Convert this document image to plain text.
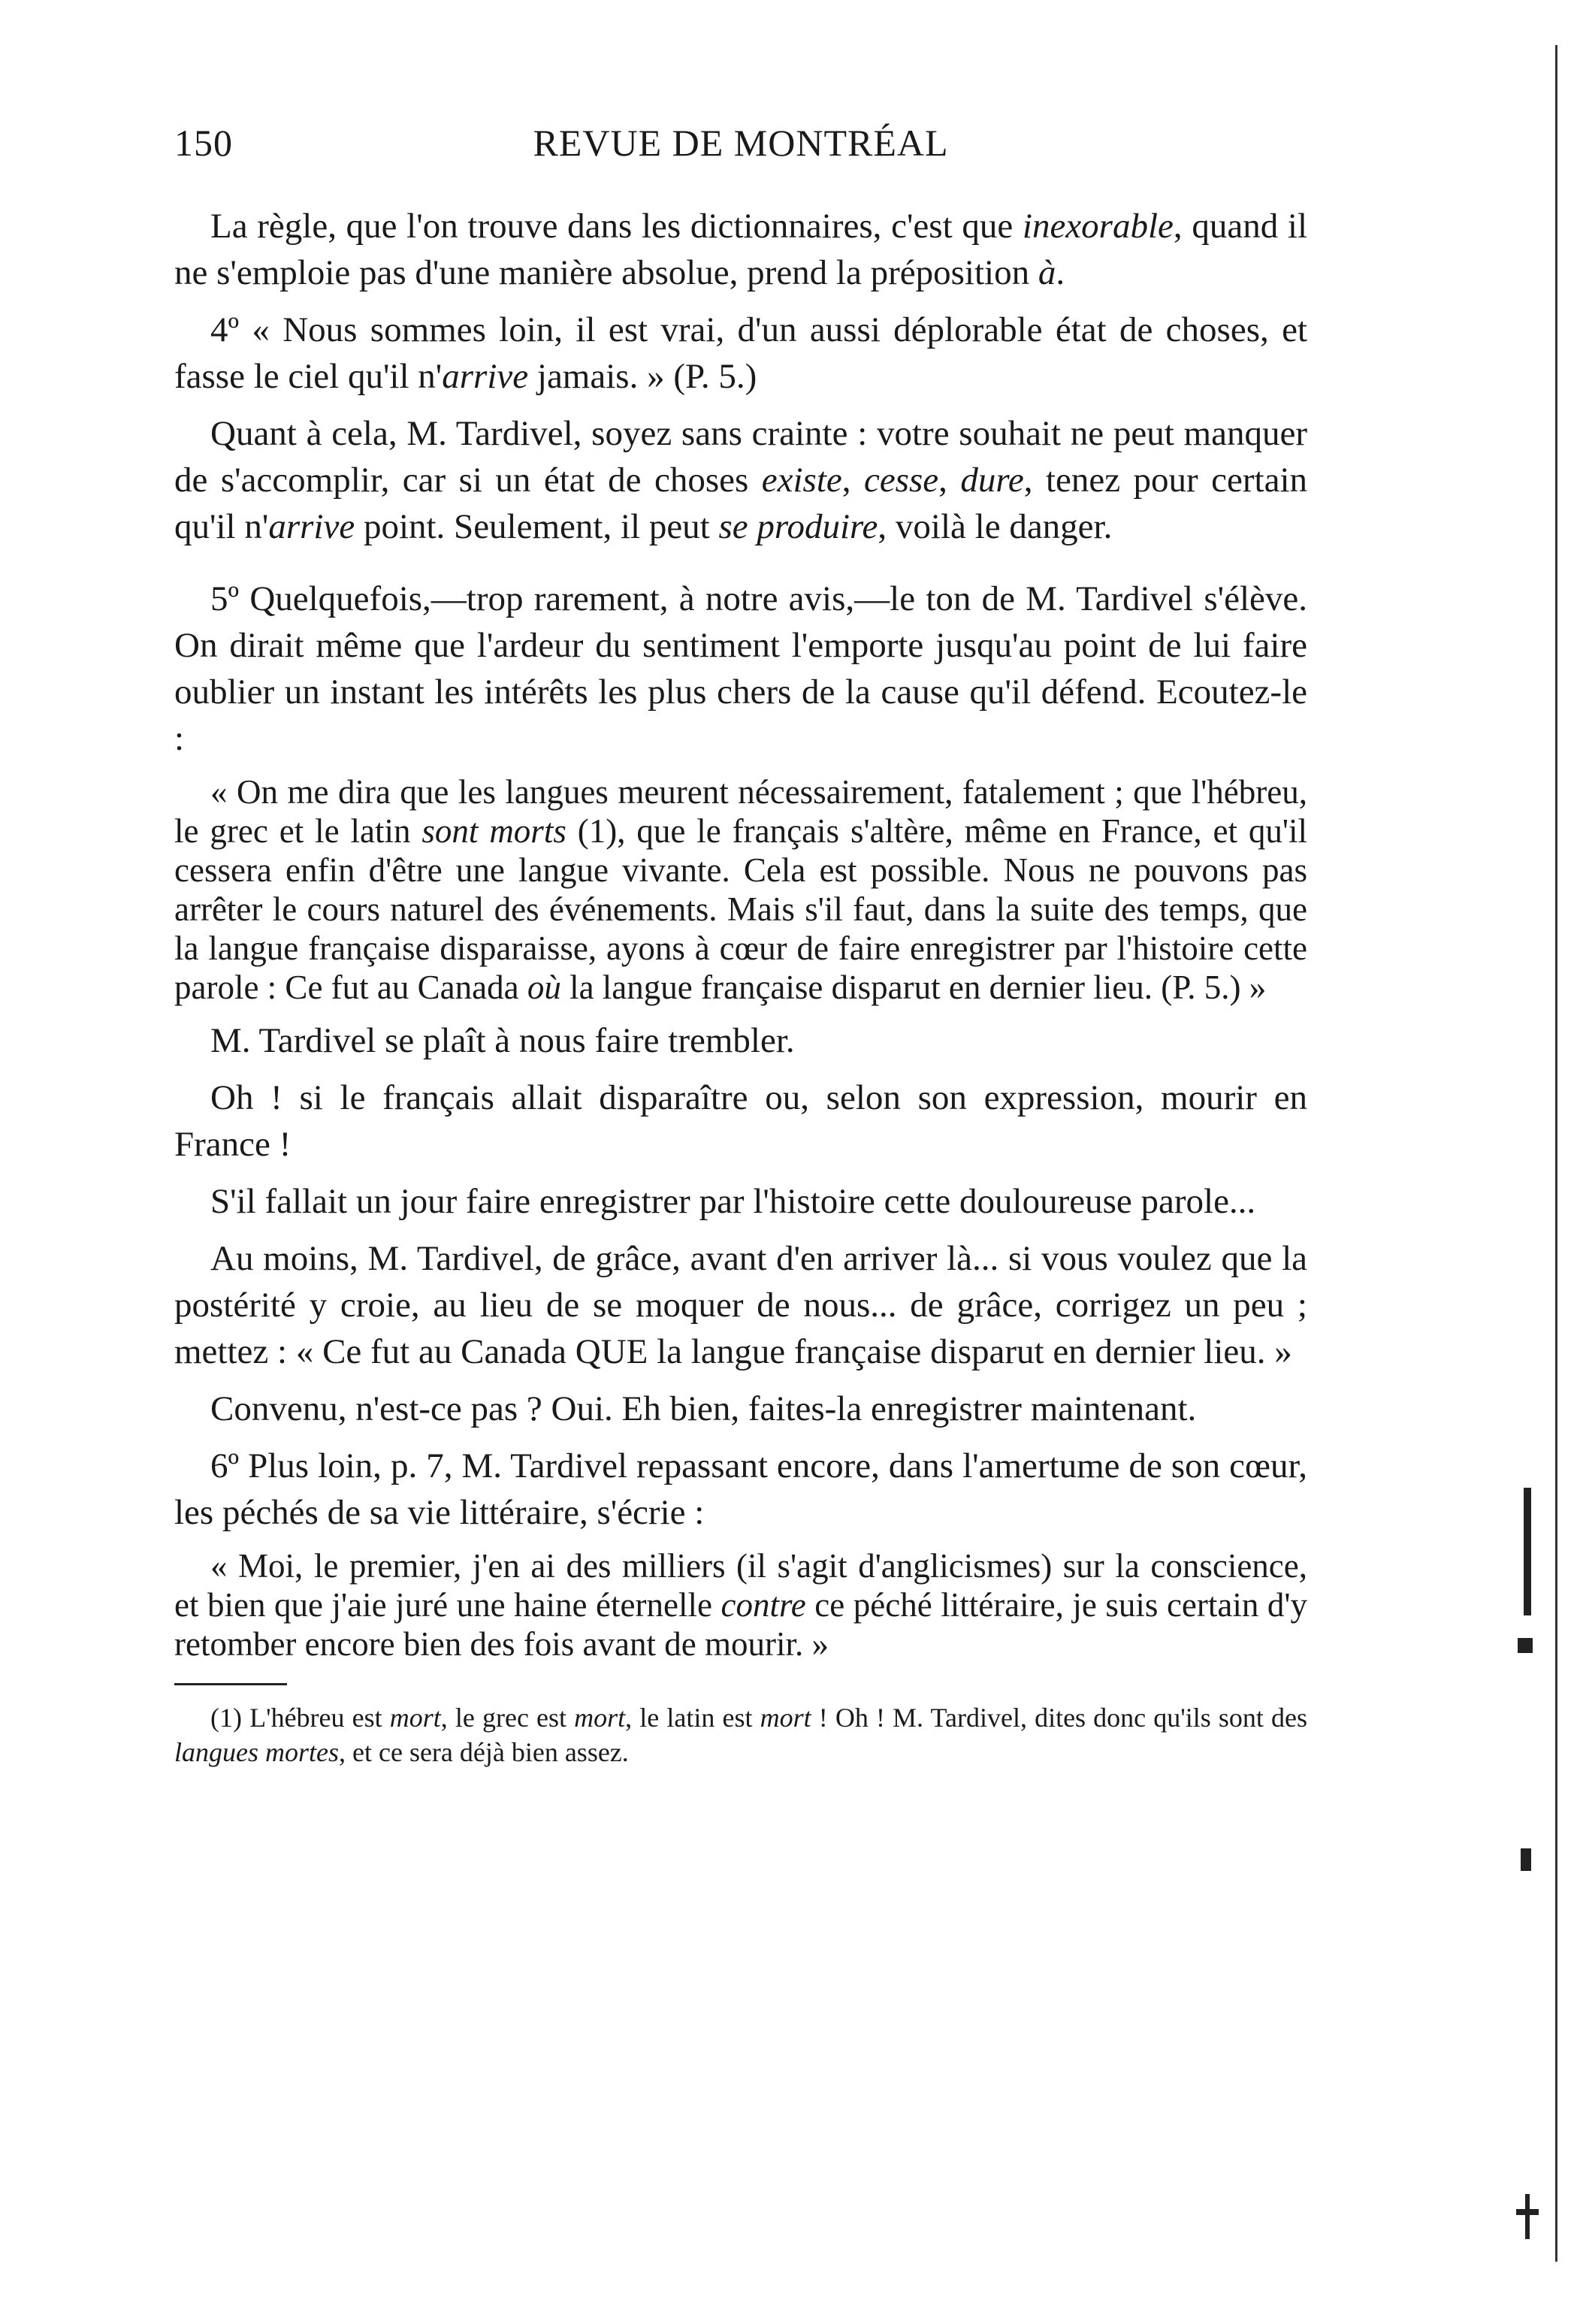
150	REVUE DE MONTRÉAL

La règle, que l'on trouve dans les dictionnaires, c'est que inexorable, quand il ne s'emploie pas d'une manière absolue, prend la préposition à.

4º « Nous sommes loin, il est vrai, d'un aussi déplorable état de choses, et fasse le ciel qu'il n'arrive jamais. » (P. 5.)

Quant à cela, M. Tardivel, soyez sans crainte : votre souhait ne peut manquer de s'accomplir, car si un état de choses existe, cesse, dure, tenez pour certain qu'il n'arrive point. Seulement, il peut se produire, voilà le danger.

5º Quelquefois,—trop rarement, à notre avis,—le ton de M. Tardivel s'élève. On dirait même que l'ardeur du sentiment l'emporte jusqu'au point de lui faire oublier un instant les intérêts les plus chers de la cause qu'il défend. Ecoutez-le :

« On me dira que les langues meurent nécessairement, fatalement ; que l'hébreu, le grec et le latin sont morts (1), que le français s'altère, même en France, et qu'il cessera enfin d'être une langue vivante. Cela est possible. Nous ne pouvons pas arrêter le cours naturel des événements. Mais s'il faut, dans la suite des temps, que la langue française disparaisse, ayons à cœur de faire enregistrer par l'histoire cette parole : Ce fut au Canada où la langue française disparut en dernier lieu. (P. 5.) »

M. Tardivel se plaît à nous faire trembler.

Oh ! si le français allait disparaître ou, selon son expression, mourir en France !

S'il fallait un jour faire enregistrer par l'histoire cette douloureuse parole...

Au moins, M. Tardivel, de grâce, avant d'en arriver là... si vous voulez que la postérité y croie, au lieu de se moquer de nous... de grâce, corrigez un peu ; mettez : « Ce fut au Canada QUE la langue française disparut en dernier lieu. »

Convenu, n'est-ce pas ? Oui. Eh bien, faites-la enregistrer maintenant.

6º Plus loin, p. 7, M. Tardivel repassant encore, dans l'amertume de son cœur, les péchés de sa vie littéraire, s'écrie :

« Moi, le premier, j'en ai des milliers (il s'agit d'anglicismes) sur la conscience, et bien que j'aie juré une haine éternelle contre ce péché littéraire, je suis certain d'y retomber encore bien des fois avant de mourir. »

(1) L'hébreu est mort, le grec est mort, le latin est mort ! Oh ! M. Tardivel, dites donc qu'ils sont des langues mortes, et ce sera déjà bien assez.
